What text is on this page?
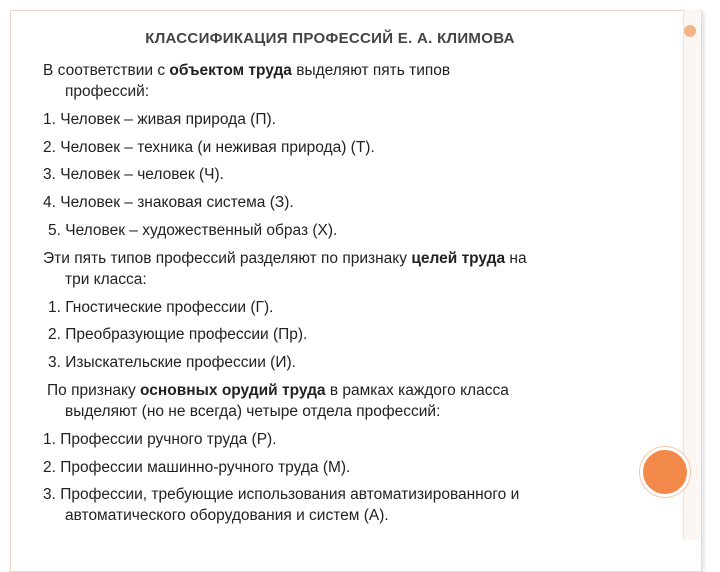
КЛАССИФИКАЦИЯ ПРОФЕССИЙ Е. А. КЛИМОВА
В соответствии с объектом труда выделяют пять типов
профессий:
1. Человек – живая природа (П).
2. Человек – техника (и неживая природа) (Т).
3. Человек – человек (Ч).
4. Человек – знаковая система (З).
5. Человек – художественный образ (Х).
Эти пять типов профессий разделяют по признаку целей труда на
три класса:
1. Гностические профессии (Г).
2. Преобразующие профессии (Пр).
3. Изыскательские профессии (И).
По признаку основных орудий труда в рамках каждого класса
выделяют (но не всегда) четыре отдела профессий:
1. Профессии ручного труда (Р).
2. Профессии машинно-ручного труда (М).
3. Профессии, требующие использования автоматизированного и
автоматического оборудования и систем (А).
